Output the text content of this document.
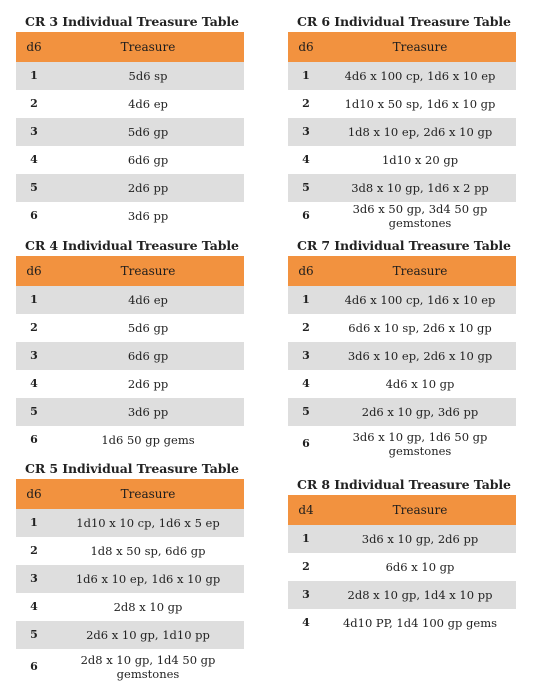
CR 3 Individual Treasure Table
d6	Treasure
1	5d6 sp
2	4d6 ep
3	5d6 gp
4	6d6 gp
5	2d6 pp
6	3d6 pp
CR 4 Individual Treasure Table
d6	Treasure
1	4d6 ep
2	5d6 gp
3	6d6 gp
4	2d6 pp
5	3d6 pp
6	1d6 50 gp gems
CR 5 Individual Treasure Table
d6	Treasure
1	1d10 x 10 cp, 1d6 x 5 ep
2	1d8 x 50 sp, 6d6 gp
3	1d6 x 10 ep, 1d6 x 10 gp
4	2d8 x 10 gp
5	2d6 x 10 gp, 1d10 pp
6	2d8 x 10 gp, 1d4 50 gp gemstones
CR 6 Individual Treasure Table
d6	Treasure
1	4d6 x 100 cp, 1d6 x 10 ep
2	1d10 x 50 sp, 1d6 x 10 gp
3	1d8 x 10 ep, 2d6 x 10 gp
4	1d10 x 20 gp
5	3d8 x 10 gp, 1d6 x 2 pp
6	3d6 x 50 gp, 3d4 50 gp gemstones
CR 7 Individual Treasure Table
d6	Treasure
1	4d6 x 100 cp, 1d6 x 10 ep
2	6d6 x 10 sp, 2d6 x 10 gp
3	3d6 x 10 ep, 2d6 x 10 gp
4	4d6 x 10 gp
5	2d6 x 10 gp, 3d6 pp
6	3d6 x 10 gp, 1d6 50 gp gemstones
CR 8 Individual Treasure Table
d4	Treasure
1	3d6 x 10 gp, 2d6 pp
2	6d6 x 10 gp
3	2d8 x 10 gp, 1d4 x 10 pp
4	4d10 PP, 1d4 100 gp gems
